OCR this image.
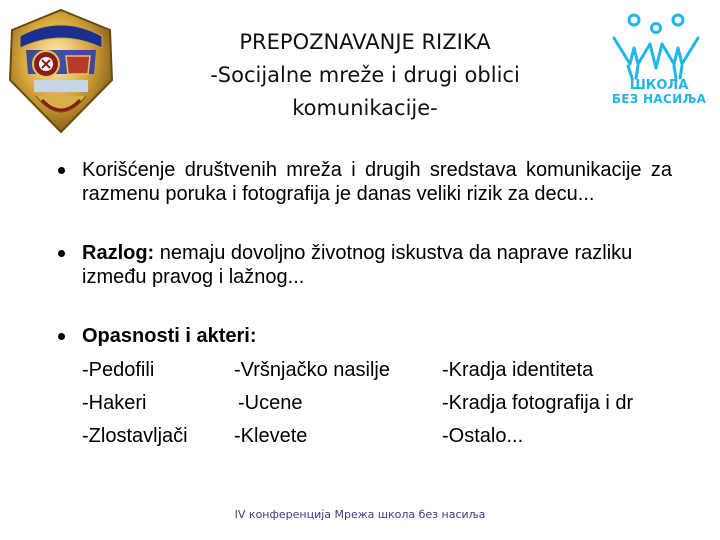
PREPOZNAVANJE RIZIKA
-Socijalne mreže i drugi oblici
komunikacije-
ШКОЛА
БЕЗ НАСИЉА
Korišćenje društvenih mreža i drugih sredstava komunikacije za razmenu poruka i fotografija je danas veliki rizik za decu...
Razlog: nemaju dovoljno životnog iskustva da naprave razliku između pravog i lažnog...
Opasnosti i akteri:
-Pedofili	-Vršnjačko nasilje	-Kradja identiteta
-Hakeri	-Ucene	-Kradja fotografija i dr
-Zlostavljači -Klevete	-Ostalo...
IV конференција Мрежа школа без насиља
